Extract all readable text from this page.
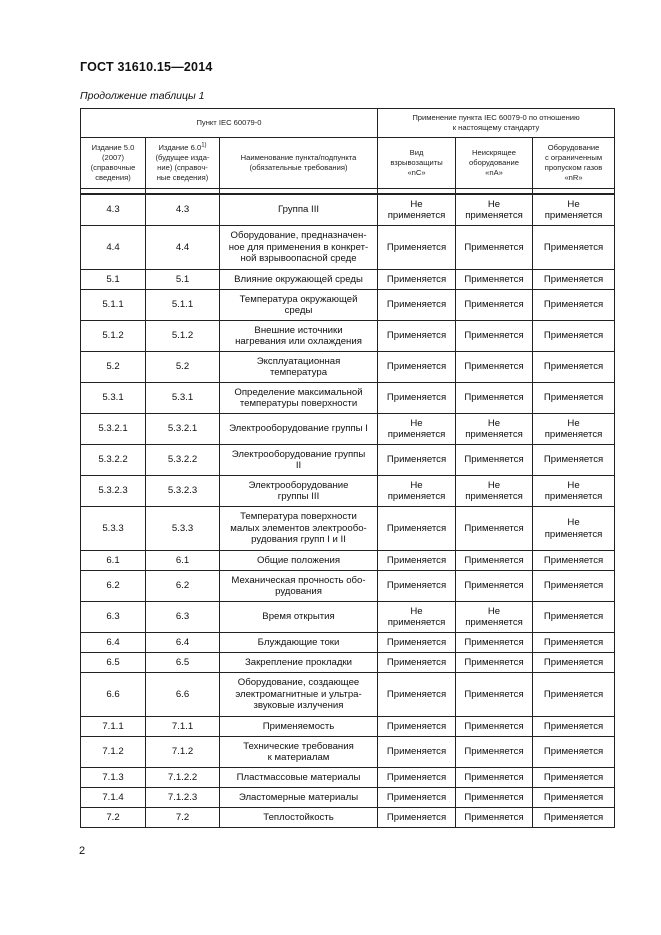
ГОСТ 31610.15—2014
Продолжение таблицы 1
Пункт IEC 60079-0			Применение пункта IEC 60079-0 по отношению
к настоящему стандарту		
Издание 5.0
(2007)
(справочные
сведения)	Издание 6.0$^{1)}$
(будущее изда-
ние) (справоч-
ные сведения)	Наименование пункта/подпункта
(обязательные требования)	Вид
взрывозащиты
«nC»	Неискрящее
оборудование
«nA»	Оборудование
с ограниченным
пропуском газов
«nR»

4.3	4.3	Группа III	Не
применяется	Не
применяется	Не
применяется
4.4	4.4	Оборудование, предназначен-
ное для применения в конкрет-
ной взрывоопасной среде	Применяется	Применяется	Применяется
5.1	5.1	Влияние окружающей среды	Применяется	Применяется	Применяется
5.1.1	5.1.1	Температура окружающей
среды	Применяется	Применяется	Применяется
5.1.2	5.1.2	Внешние источники
нагревания или охлаждения	Применяется	Применяется	Применяется
5.2	5.2	Эксплуатационная
температура	Применяется	Применяется	Применяется
5.3.1	5.3.1	Определение максимальной
температуры поверхности	Применяется	Применяется	Применяется
5.3.2.1	5.3.2.1	Электрооборудование группы I	Не
применяется	Не
применяется	Не
применяется
5.3.2.2	5.3.2.2	Электрооборудование группы
II	Применяется	Применяется	Применяется
5.3.2.3	5.3.2.3	Электрооборудование
группы III	Не
применяется	Не
применяется	Не
применяется
5.3.3	5.3.3	Температура поверхности
малых элементов электрообо-
рудования групп I и II	Применяется	Применяется	Не
применяется
6.1	6.1	Общие положения	Применяется	Применяется	Применяется
6.2	6.2	Механическая прочность обо-
рудования	Применяется	Применяется	Применяется
6.3	6.3	Время открытия	Не
применяется	Не
применяется	Применяется
6.4	6.4	Блуждающие токи	Применяется	Применяется	Применяется
6.5	6.5	Закрепление прокладки	Применяется	Применяется	Применяется
6.6	6.6	Оборудование, создающее
электромагнитные и ультра-
звуковые излучения	Применяется	Применяется	Применяется
7.1.1	7.1.1	Применяемость	Применяется	Применяется	Применяется
7.1.2	7.1.2	Технические требования
к материалам	Применяется	Применяется	Применяется
7.1.3	7.1.2.2	Пластмассовые материалы	Применяется	Применяется	Применяется
7.1.4	7.1.2.3	Эластомерные материалы	Применяется	Применяется	Применяется
7.2	7.2	Теплостойкость	Применяется	Применяется	Применяется
2
